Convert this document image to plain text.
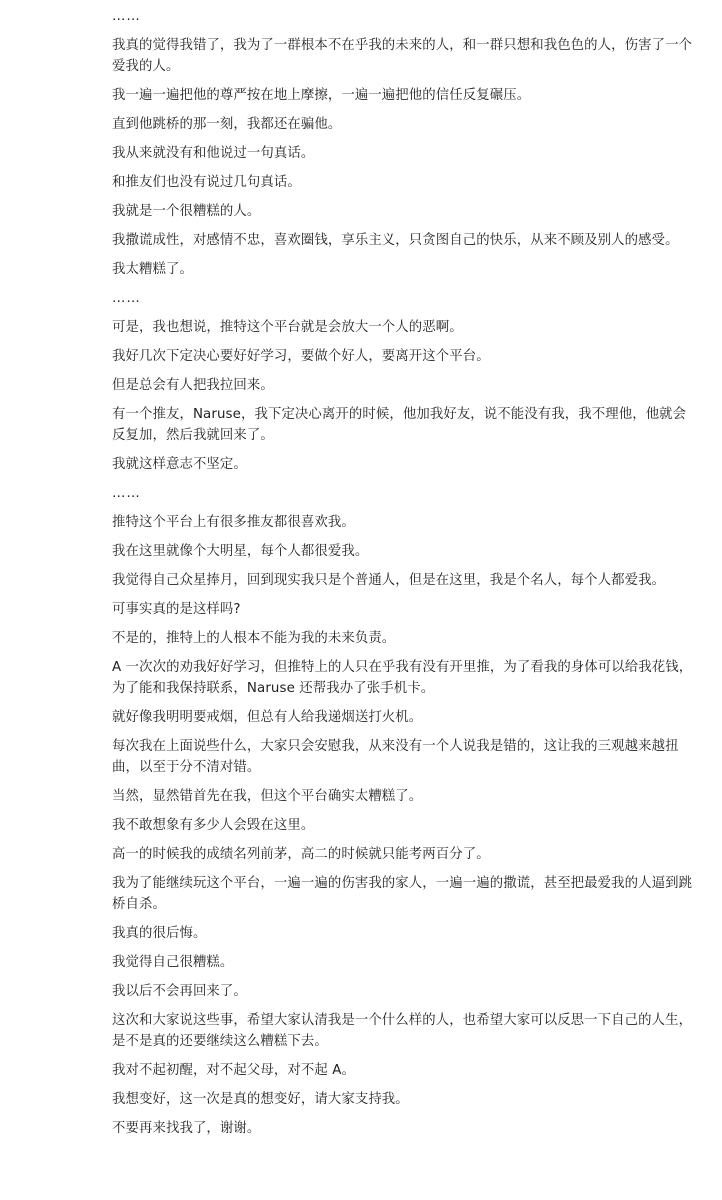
……

我真的觉得我错了，我为了一群根本不在乎我的未来的人，和一群只想和我色色的人，伤害了一个爱我的人。

我一遍一遍把他的尊严按在地上摩擦，一遍一遍把他的信任反复碾压。

直到他跳桥的那一刻，我都还在骗他。

我从来就没有和他说过一句真话。

和推友们也没有说过几句真话。

我就是一个很糟糕的人。

我撒谎成性，对感情不忠，喜欢圈钱，享乐主义，只贪图自己的快乐，从来不顾及别人的感受。

我太糟糕了。

……

可是，我也想说，推特这个平台就是会放大一个人的恶啊。

我好几次下定决心要好好学习，要做个好人，要离开这个平台。

但是总会有人把我拉回来。

有一个推友，Naruse，我下定决心离开的时候，他加我好友，说不能没有我，我不理他，他就会反复加，然后我就回来了。

我就这样意志不坚定。

……

推特这个平台上有很多推友都很喜欢我。

我在这里就像个大明星，每个人都很爱我。

我觉得自己众星捧月，回到现实我只是个普通人，但是在这里，我是个名人，每个人都爱我。

可事实真的是这样吗?

不是的，推特上的人根本不能为我的未来负责。

A 一次次的劝我好好学习，但推特上的人只在乎我有没有开里推，为了看我的身体可以给我花钱，为了能和我保持联系，Naruse 还帮我办了张手机卡。

就好像我明明要戒烟，但总有人给我递烟送打火机。

每次我在上面说些什么，大家只会安慰我，从来没有一个人说我是错的，这让我的三观越来越扭曲，以至于分不清对错。

当然，显然错首先在我，但这个平台确实太糟糕了。

我不敢想象有多少人会毁在这里。

高一的时候我的成绩名列前茅，高二的时候就只能考两百分了。

我为了能继续玩这个平台，一遍一遍的伤害我的家人，一遍一遍的撒谎，甚至把最爱我的人逼到跳桥自杀。

我真的很后悔。

我觉得自己很糟糕。

我以后不会再回来了。

这次和大家说这些事，希望大家认清我是一个什么样的人，也希望大家可以反思一下自己的人生，是不是真的还要继续这么糟糕下去。

我对不起初醒，对不起父母，对不起 A。

我想变好，这一次是真的想变好，请大家支持我。

不要再来找我了，谢谢。
